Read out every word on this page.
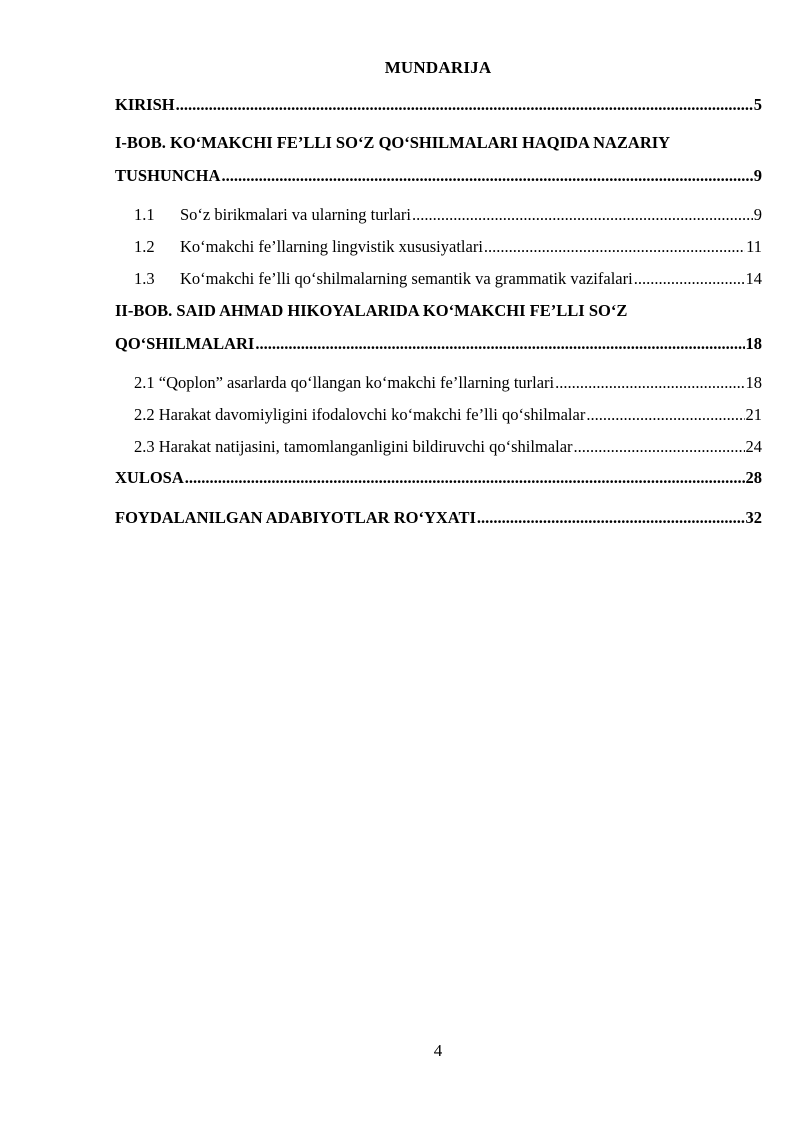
MUNDARIJA
KIRISH .....	5
I-BOB. KO‘MAKCHI FE’LLI SO‘Z QO‘SHILMALARI HAQIDA NAZARIY
TUSHUNCHA .....	9
1.1	So‘z birikmalari va ularning turlari .....	9
1.2	Ko‘makchi fe’llarning lingvistik xususiyatlari .....	11
1.3	Ko‘makchi fe’lli qo‘shilmalarning semantik va grammatik vazifalari .....	14
II-BOB. SAID AHMAD HIKOYALARIDA KO‘MAKCHI FE’LLI SO‘Z
QO‘SHILMALARI .....	18
2.1 “Qoplon” asarlarda qo‘llangan ko‘makchi fe’llarning turlari .....	18
2.2 Harakat davomiyligini ifodalovchi ko‘makchi fe’lli qo‘shilmalar .....	21
2.3 Harakat natijasini, tamomlanganligini bildiruvchi qo‘shilmalar .....	24
XULOSA .....	28
FOYDALANILGAN ADABIYOTLAR RO‘YXATI .....	32
4
